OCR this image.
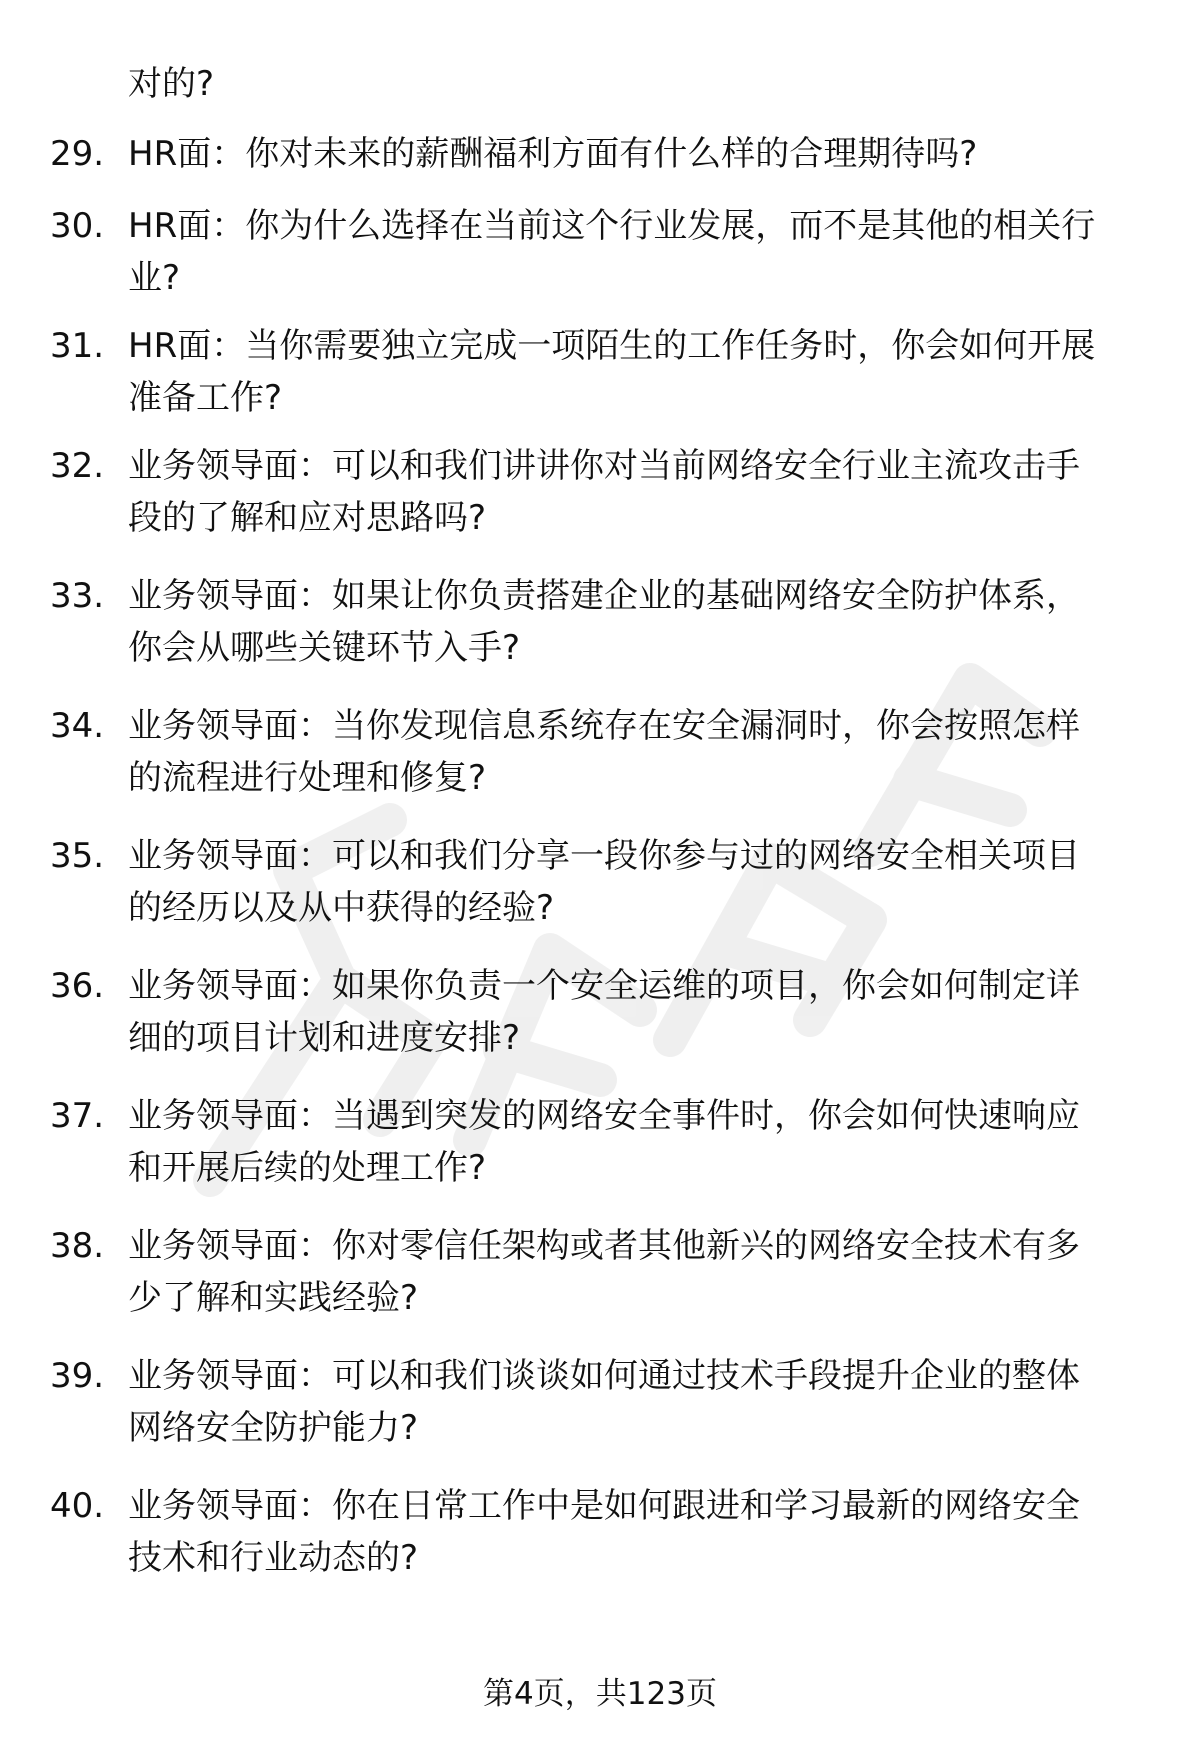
对的?
29. HR面：你对未来的薪酬福利方面有什么样的合理期待吗?
30. HR面：你为什么选择在当前这个行业发展，而不是其他的相关行
业?
31. HR面：当你需要独立完成一项陌生的工作任务时，你会如何开展
准备工作?
32. 业务领导面：可以和我们讲讲你对当前网络安全行业主流攻击手
段的了解和应对思路吗?
33. 业务领导面：如果让你负责搭建企业的基础网络安全防护体系，
你会从哪些关键环节入手?
34. 业务领导面：当你发现信息系统存在安全漏洞时，你会按照怎样
的流程进行处理和修复?
35. 业务领导面：可以和我们分享一段你参与过的网络安全相关项目
的经历以及从中获得的经验?
36. 业务领导面：如果你负责一个安全运维的项目，你会如何制定详
细的项目计划和进度安排?
37. 业务领导面：当遇到突发的网络安全事件时，你会如何快速响应
和开展后续的处理工作?
38. 业务领导面：你对零信任架构或者其他新兴的网络安全技术有多
少了解和实践经验?
39. 业务领导面：可以和我们谈谈如何通过技术手段提升企业的整体
网络安全防护能力?
40. 业务领导面：你在日常工作中是如何跟进和学习最新的网络安全
技术和行业动态的?
第4页，共123页
